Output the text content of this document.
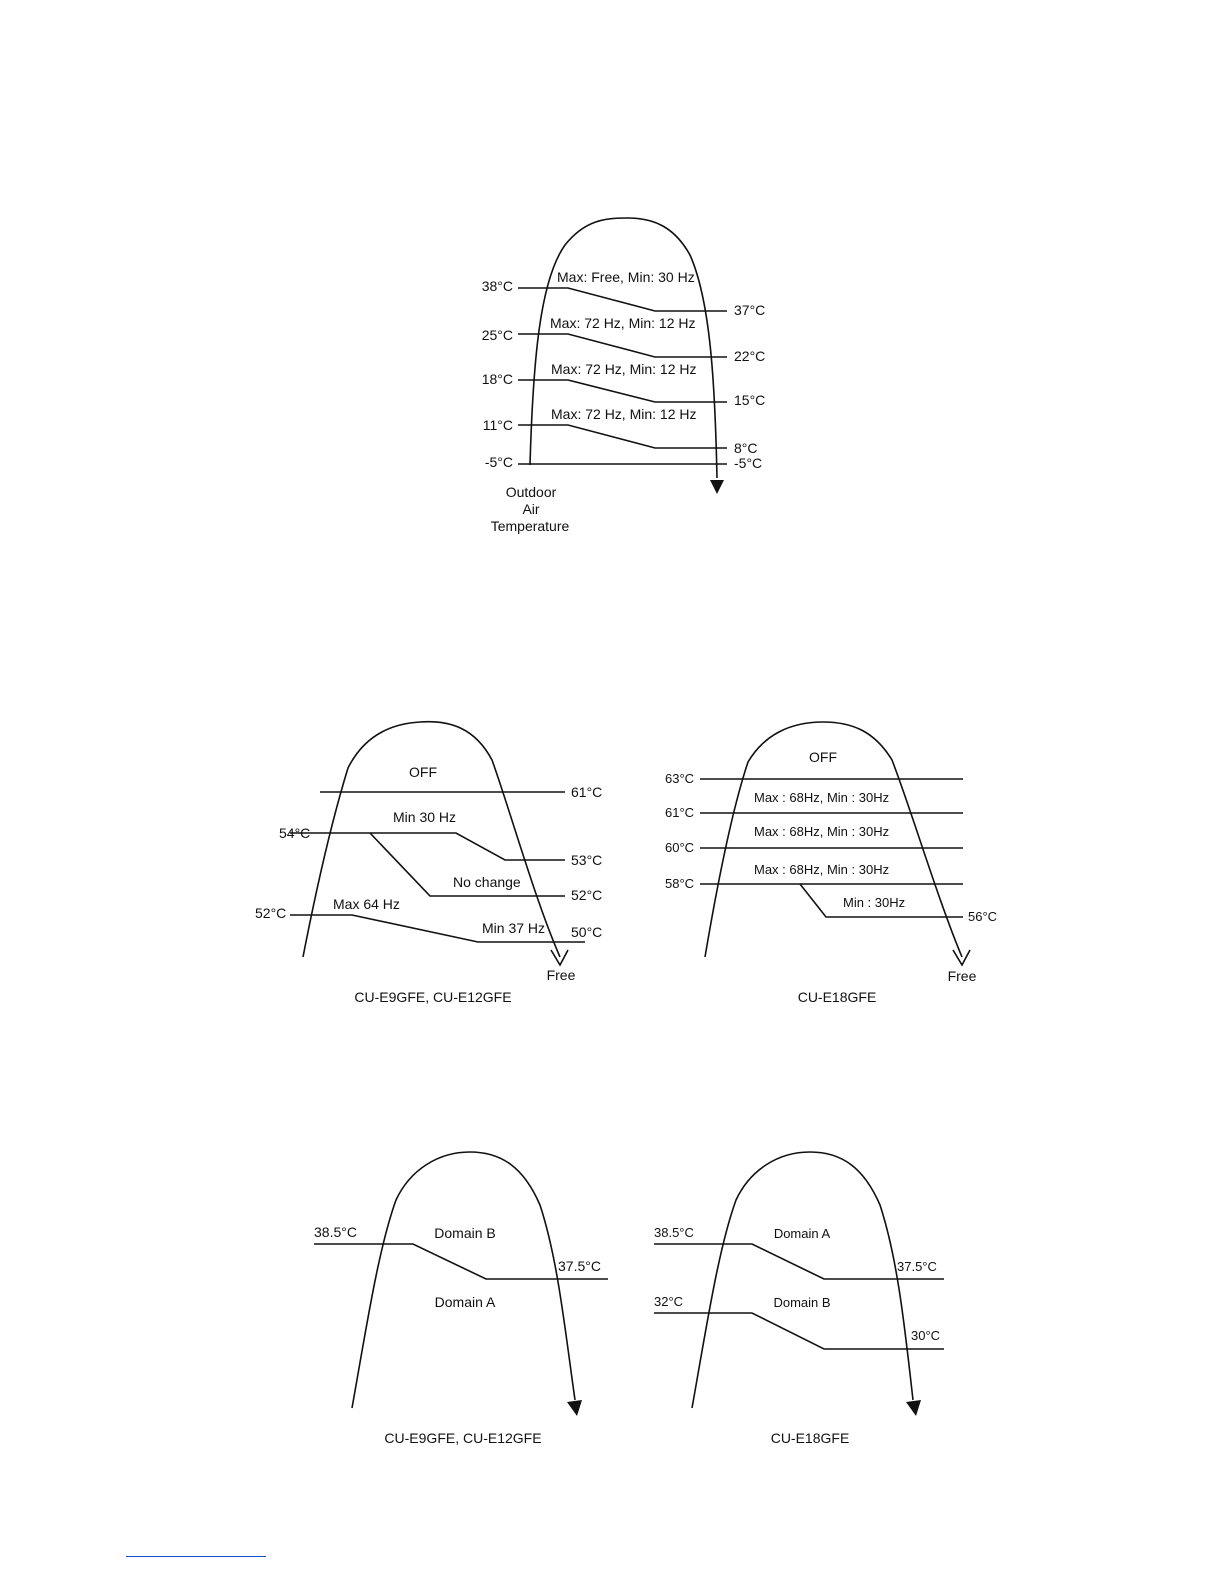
38°C
25°C
18°C
11°C
-5°C
37°C
22°C
15°C
8°C
-5°C
Max: Free, Min: 30 Hz
Max: 72 Hz, Min: 12 Hz
Max: 72 Hz, Min: 12 Hz
Max: 72 Hz, Min: 12 Hz
Outdoor
Air
Temperature
OFF
61°C
54°C
53°C
52°C
52°C
50°C
Min 30 Hz
No change
Max 64 Hz
Min 37 Hz
Free
CU-E9GFE, CU-E12GFE
OFF
63°C
61°C
60°C
58°C
56°C
Max : 68Hz, Min : 30Hz
Max : 68Hz, Min : 30Hz
Max : 68Hz, Min : 30Hz
Min : 30Hz
Free
CU-E18GFE
38.5°C
37.5°C
Domain B
Domain A
CU-E9GFE, CU-E12GFE
38.5°C
37.5°C
32°C
30°C
Domain A
Domain B
CU-E18GFE
